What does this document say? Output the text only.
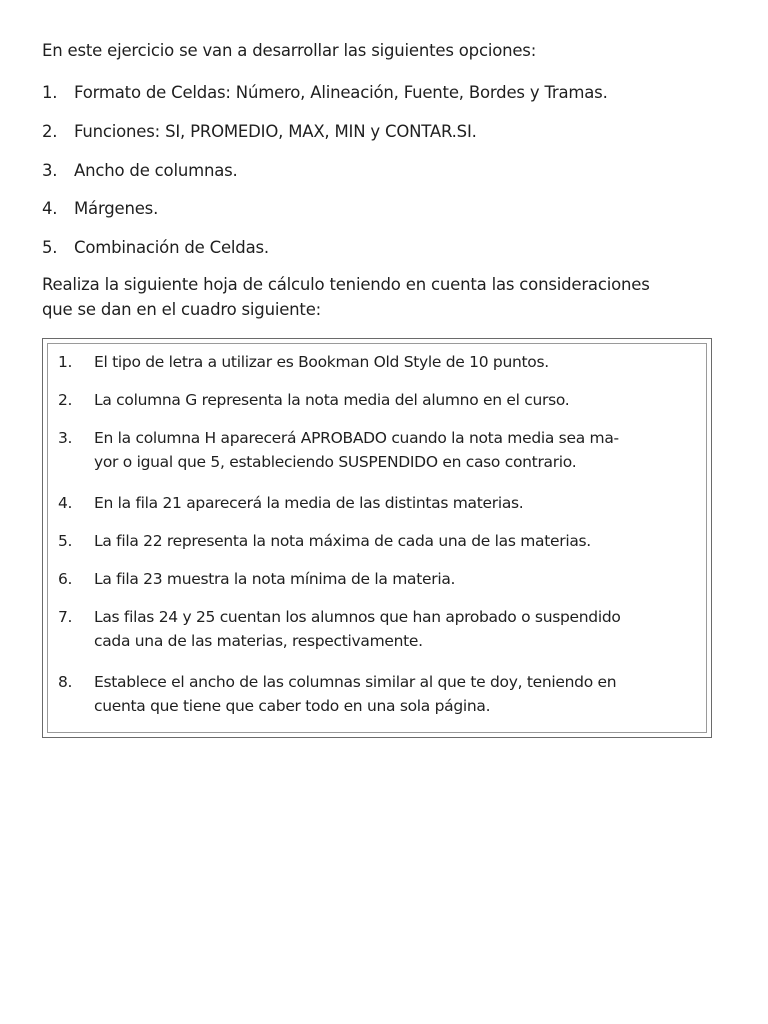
En este ejercicio se van a desarrollar las siguientes opciones:
1. Formato de Celdas: Número, Alineación, Fuente, Bordes y Tramas.
2. Funciones: SI, PROMEDIO, MAX, MIN y CONTAR.SI.
3. Ancho de columnas.
4. Márgenes.
5. Combinación de Celdas.
Realiza la siguiente hoja de cálculo teniendo en cuenta las consideraciones
que se dan en el cuadro siguiente:
1.	El tipo de letra a utilizar es Bookman Old Style de 10 puntos.
2.	La columna G representa la nota media del alumno en el curso.
3.	En la columna H aparecerá APROBADO cuando la nota media sea ma-
yor o igual que 5, estableciendo SUSPENDIDO en caso contrario.
4.	En la fila 21 aparecerá la media de las distintas materias.
5.	La fila 22 representa la nota máxima de cada una de las materias.
6.	La fila 23 muestra la nota mínima de la materia.
7.	Las filas 24 y 25 cuentan los alumnos que han aprobado o suspendido
cada una de las materias, respectivamente.
8.	Establece el ancho de las columnas similar al que te doy, teniendo en
cuenta que tiene que caber todo en una sola página.
